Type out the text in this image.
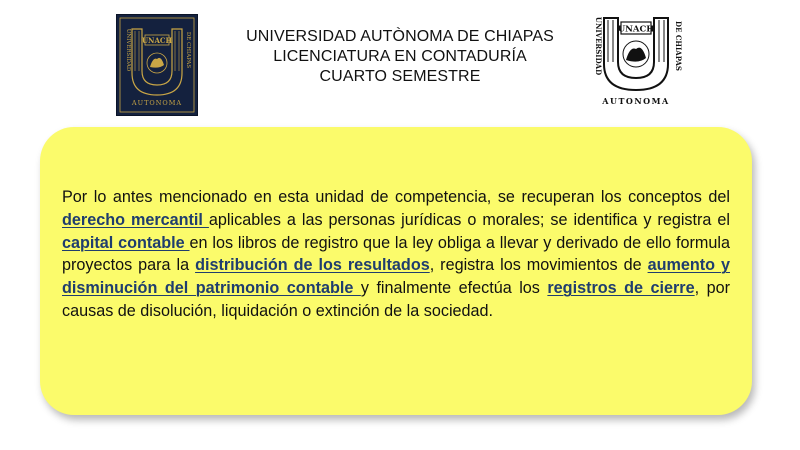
UNACH
UNIVERSIDAD	DE CHIAPAS
AUTONOMA
UNIVERSIDAD AUTÒNOMA DE CHIAPAS
LICENCIATURA EN CONTADURÍA
CUARTO SEMESTRE
UNACH
UNIVERSIDAD	DE CHIAPAS
AUTONOMA

Por lo antes mencionado en esta unidad de competencia, se recuperan los conceptos del derecho mercantil aplicables a las personas jurídicas o morales; se identifica y registra el capital contable en los libros de registro que la ley obliga a llevar y derivado de ello formula proyectos para la distribución de los resultados, registra los movimientos de aumento y disminución del patrimonio contable y finalmente efectúa los registros de cierre, por causas de disolución, liquidación o extinción de la sociedad.
